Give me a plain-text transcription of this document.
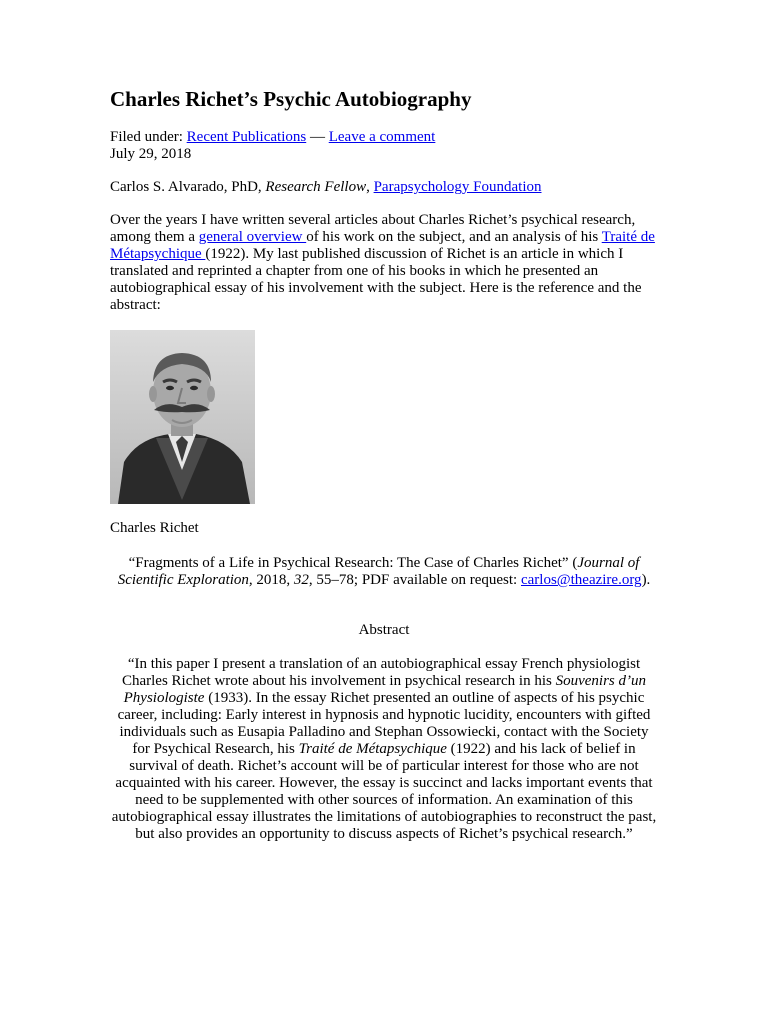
Charles Richet’s Psychic Autobiography
Filed under: Recent Publications — Leave a comment
July 29, 2018
Carlos S. Alvarado, PhD, Research Fellow, Parapsychology Foundation

Over the years I have written several articles about Charles Richet’s psychical research, among them a general overview of his work on the subject, and an analysis of his Traité de Métapsychique (1922). My last published discussion of Richet is an article in which I translated and reprinted a chapter from one of his books in which he presented an autobiographical essay of his involvement with the subject. Here is the reference and the abstract:

Charles Richet

“Fragments of a Life in Psychical Research: The Case of Charles Richet” (Journal of Scientific Exploration, 2018, 32, 55–78; PDF available on request: carlos@theazire.org).

Abstract

“In this paper I present a translation of an autobiographical essay French physiologist Charles Richet wrote about his involvement in psychical research in his Souvenirs d’un Physiologiste (1933). In the essay Richet presented an outline of aspects of his psychic career, including: Early interest in hypnosis and hypnotic lucidity, encounters with gifted individuals such as Eusapia Palladino and Stephan Ossowiecki, contact with the Society for Psychical Research, his Traité de Métapsychique (1922) and his lack of belief in survival of death. Richet’s account will be of particular interest for those who are not acquainted with his career. However, the essay is succinct and lacks important events that need to be supplemented with other sources of information. An examination of this autobiographical essay illustrates the limitations of autobiographies to reconstruct the past, but also provides an opportunity to discuss aspects of Richet’s psychical research.”
